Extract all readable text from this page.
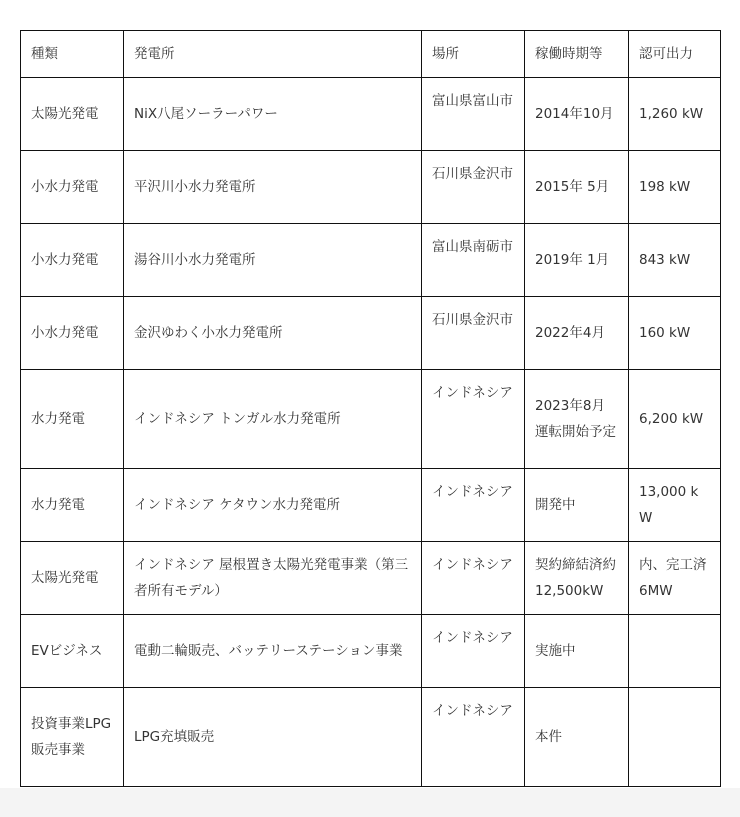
種類	発電所	場所	稼働時期等	認可出力
太陽光発電	NiX八尾ソーラーパワー	富山県富山市	2014年10月	1,260 kW
小水力発電	平沢川小水力発電所	石川県金沢市	2015年 5月	198 kW
小水力発電	湯谷川小水力発電所	富山県南砺市	2019年 1月	843 kW
小水力発電	金沢ゆわく小水力発電所	石川県金沢市	2022年4月	160 kW
水力発電	インドネシア トンガル水力発電所	インドネシア	2023年8月運転開始予定	6,200 kW
水力発電	インドネシア ケタウン水力発電所	インドネシア	開発中	13,000 kW
太陽光発電	インドネシア 屋根置き太陽光発電事業（第三者所有モデル）	インドネシア	契約締結済約12,500kW	内、完工済6MW
EVビジネス	電動二輪販売、バッテリーステーション事業	インドネシア	実施中	
投資事業LPG販売事業	LPG充填販売	インドネシア	本件	
